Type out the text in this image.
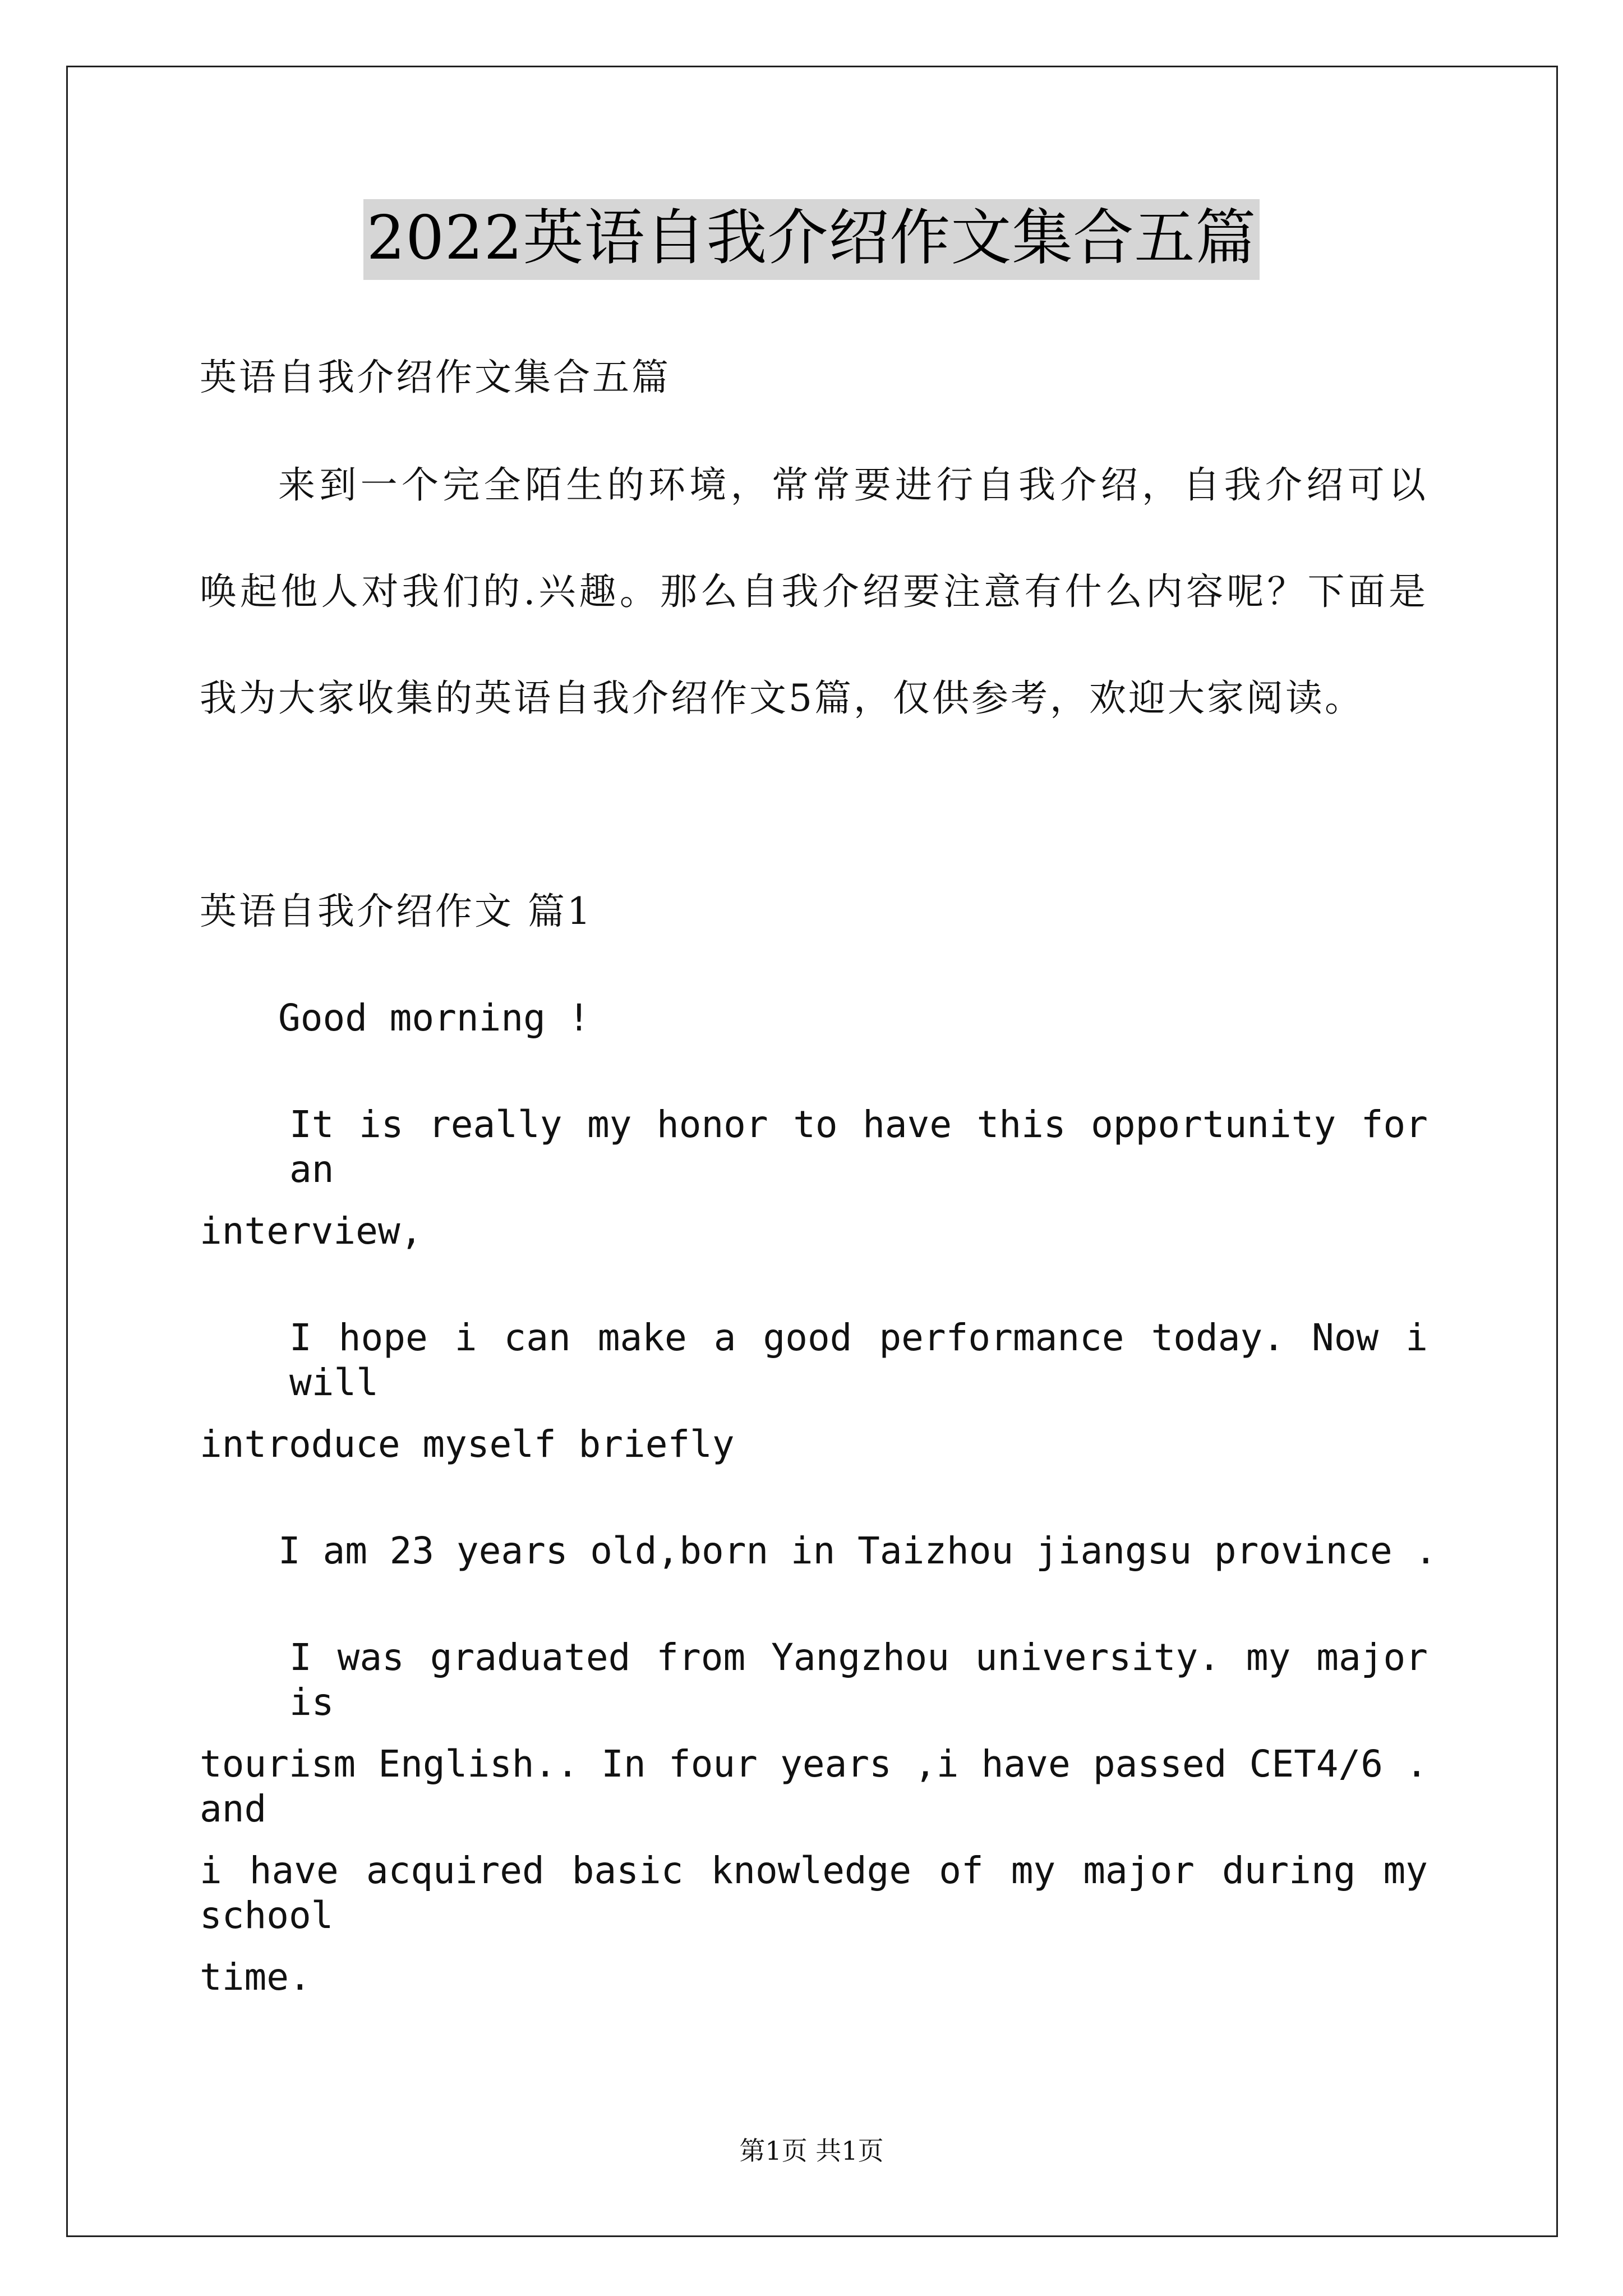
2022英语自我介绍作文集合五篇
英语自我介绍作文集合五篇
来到一个完全陌生的环境，常常要进行自我介绍，自我介绍可以
唤起他人对我们的.兴趣。那么自我介绍要注意有什么内容呢？下面是
我为大家收集的英语自我介绍作文5篇，仅供参考，欢迎大家阅读。
英语自我介绍作文 篇1
Good morning !
It is really my honor to have this opportunity for an
interview,
I hope i can make a good performance today. Now i will
introduce myself briefly
I am 23 years old,born in Taizhou jiangsu province .
I was graduated from Yangzhou university. my major is
tourism English.. In four years ,i have passed CET4/6 . and
i have acquired basic knowledge of my major during my school
time.
第1页 共1页
